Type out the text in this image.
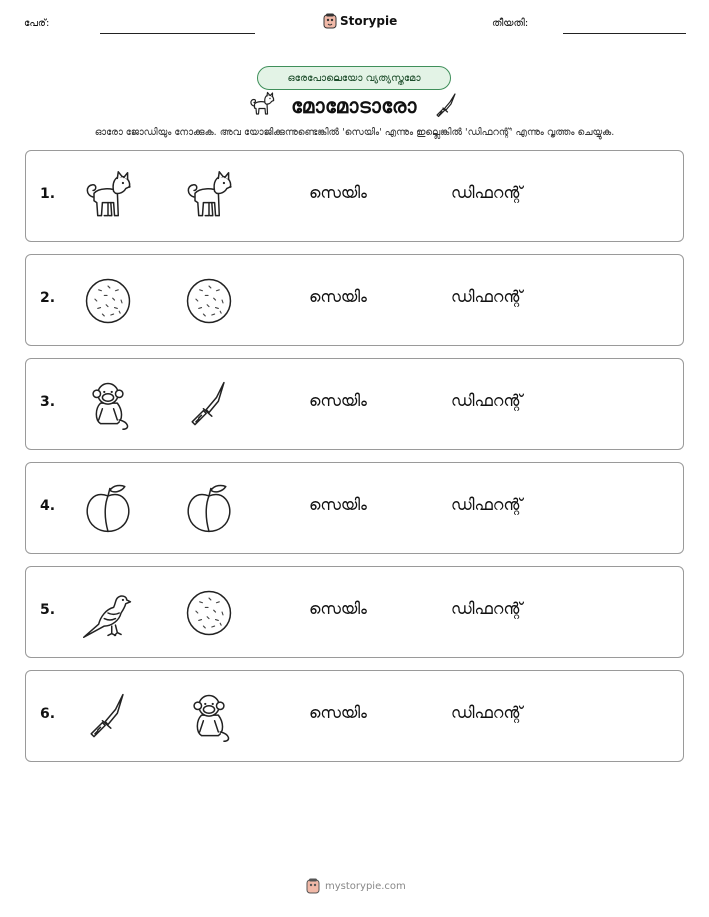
പേര്:	Storypie	തീയതി:
ഒരേപോലെയോ വ്യത്യസ്തമോ
മോമോടാരോ
ഓരോ ജോഡിയും നോക്കുക. അവ യോജിക്കുന്നുണ്ടെങ്കിൽ 'സെയിം' എന്നും ഇല്ലെങ്കിൽ 'ഡിഫറന്റ്' എന്നും വൃത്തം ചെയ്യുക.
1.	സെയിം	ഡിഫറന്റ്
2.	സെയിം	ഡിഫറന്റ്
3.	സെയിം	ഡിഫറന്റ്
4.	സെയിം	ഡിഫറന്റ്
5.	സെയിം	ഡിഫറന്റ്
6.	സെയിം	ഡിഫറന്റ്
mystorypie.com
